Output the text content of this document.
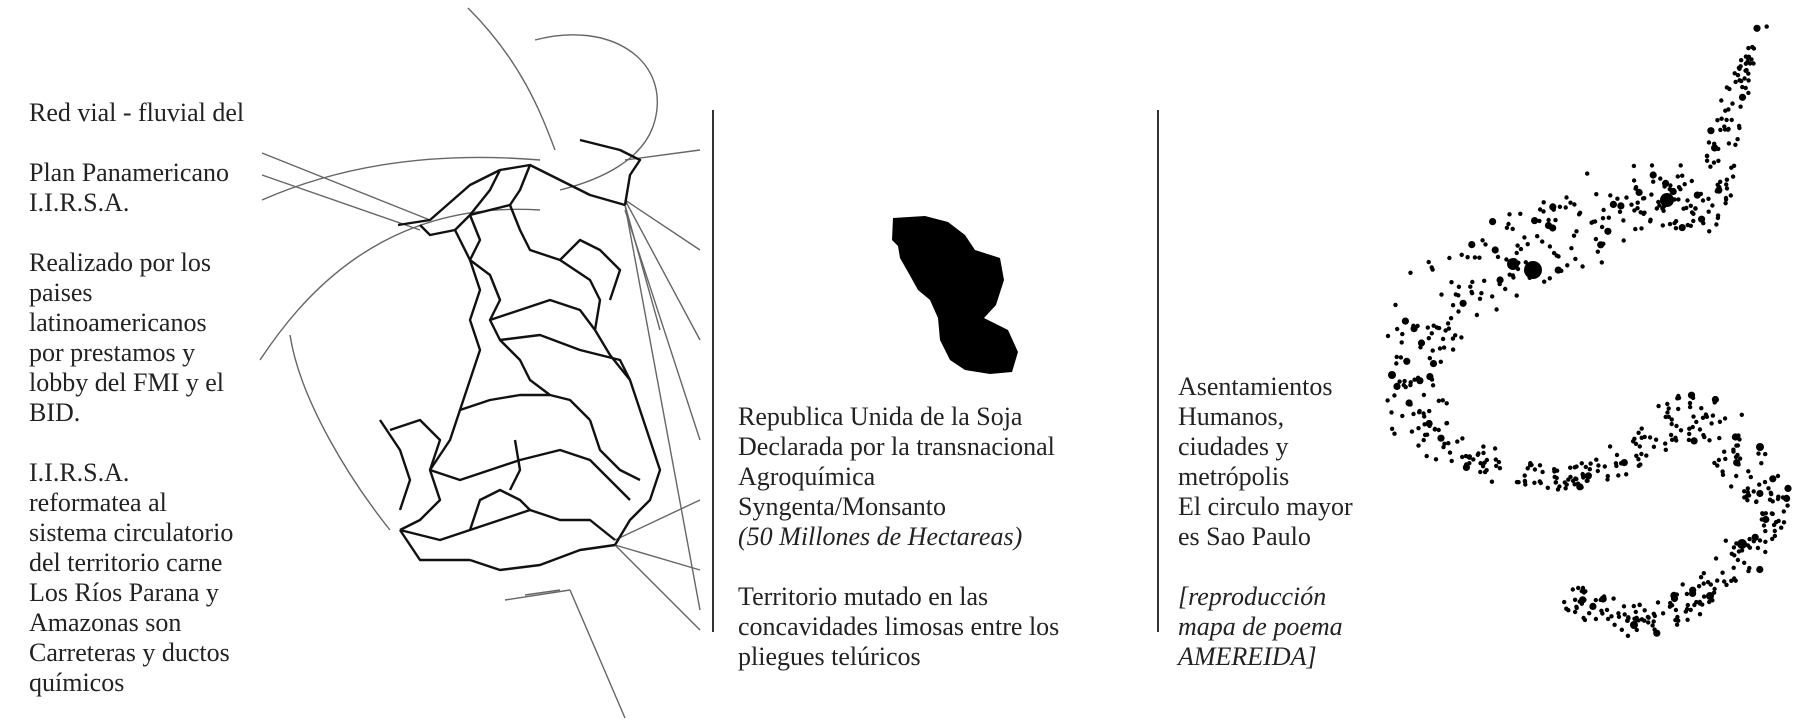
Red vial - fluvial del

Plan Panamericano

I.I.R.S.A.

Realizado por los

paises

latinoamericanos

por prestamos y

lobby del FMI y el

BID.

I.I.R.S.A.

reformatea al

sistema circulatorio

del territorio carne

Los Ríos Parana y

Amazonas son

Carreteras y ductos

químicos

Republica Unida de la Soja

Declarada por la transnacional

Agroquímica

Syngenta/Monsanto

(50 Millones de Hectareas)

Territorio mutado en las

concavidades limosas entre los

pliegues telúricos

Asentamientos

Humanos,

ciudades y

metrópolis

El circulo mayor

es Sao Paulo

[reproducción

mapa de poema

AMEREIDA]
